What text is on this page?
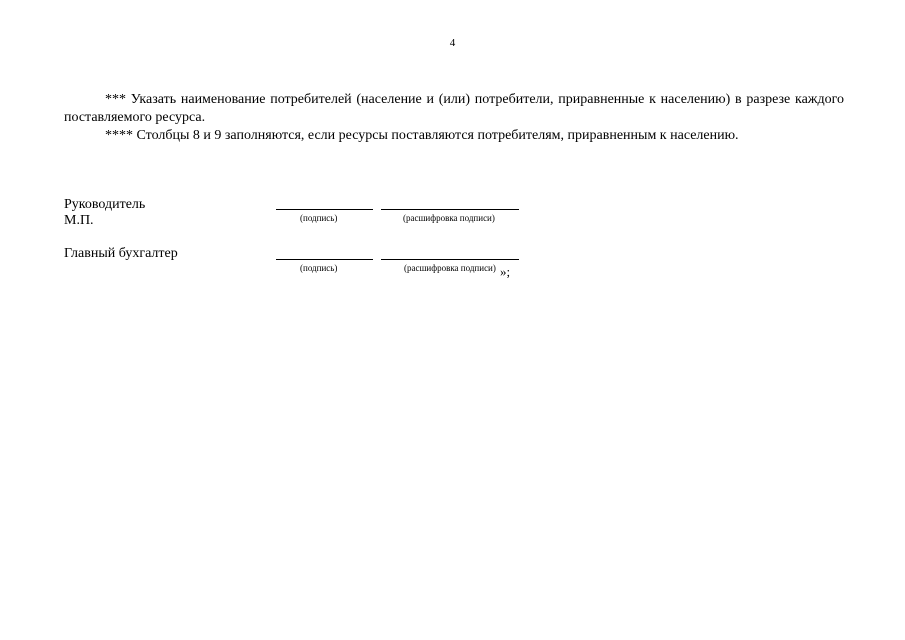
4

*** Указать наименование потребителей (население и (или) потребители, приравненные к населению) в разрезе каждого поставляемого ресурса.

**** Столбцы 8 и 9 заполняются, если ресурсы поставляются потребителям, приравненным к населению.

Руководитель
М.П.	(подпись)	(расшифровка подписи)
Главный бухгалтер
(подпись)	(расшифровка подписи) »;
